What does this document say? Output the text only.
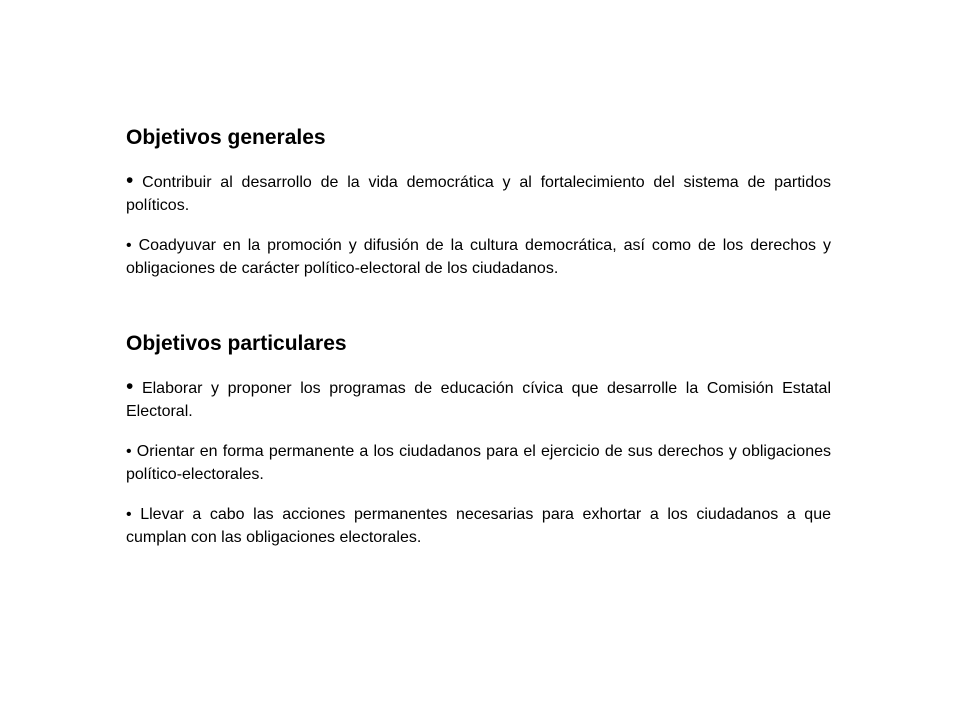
Objetivos generales

• Contribuir al desarrollo de la vida democrática y al fortalecimiento del sistema de partidos políticos.

• Coadyuvar en la promoción y difusión de la cultura democrática, así como de los derechos y obligaciones de carácter político-electoral de los ciudadanos.

Objetivos particulares

• Elaborar y proponer los programas de educación cívica que desarrolle la Comisión Estatal Electoral.

• Orientar en forma permanente a los ciudadanos para el ejercicio de sus derechos y obligaciones político-electorales.

• Llevar a cabo las acciones permanentes necesarias para exhortar a los ciudadanos a que cumplan con las obligaciones electorales.
